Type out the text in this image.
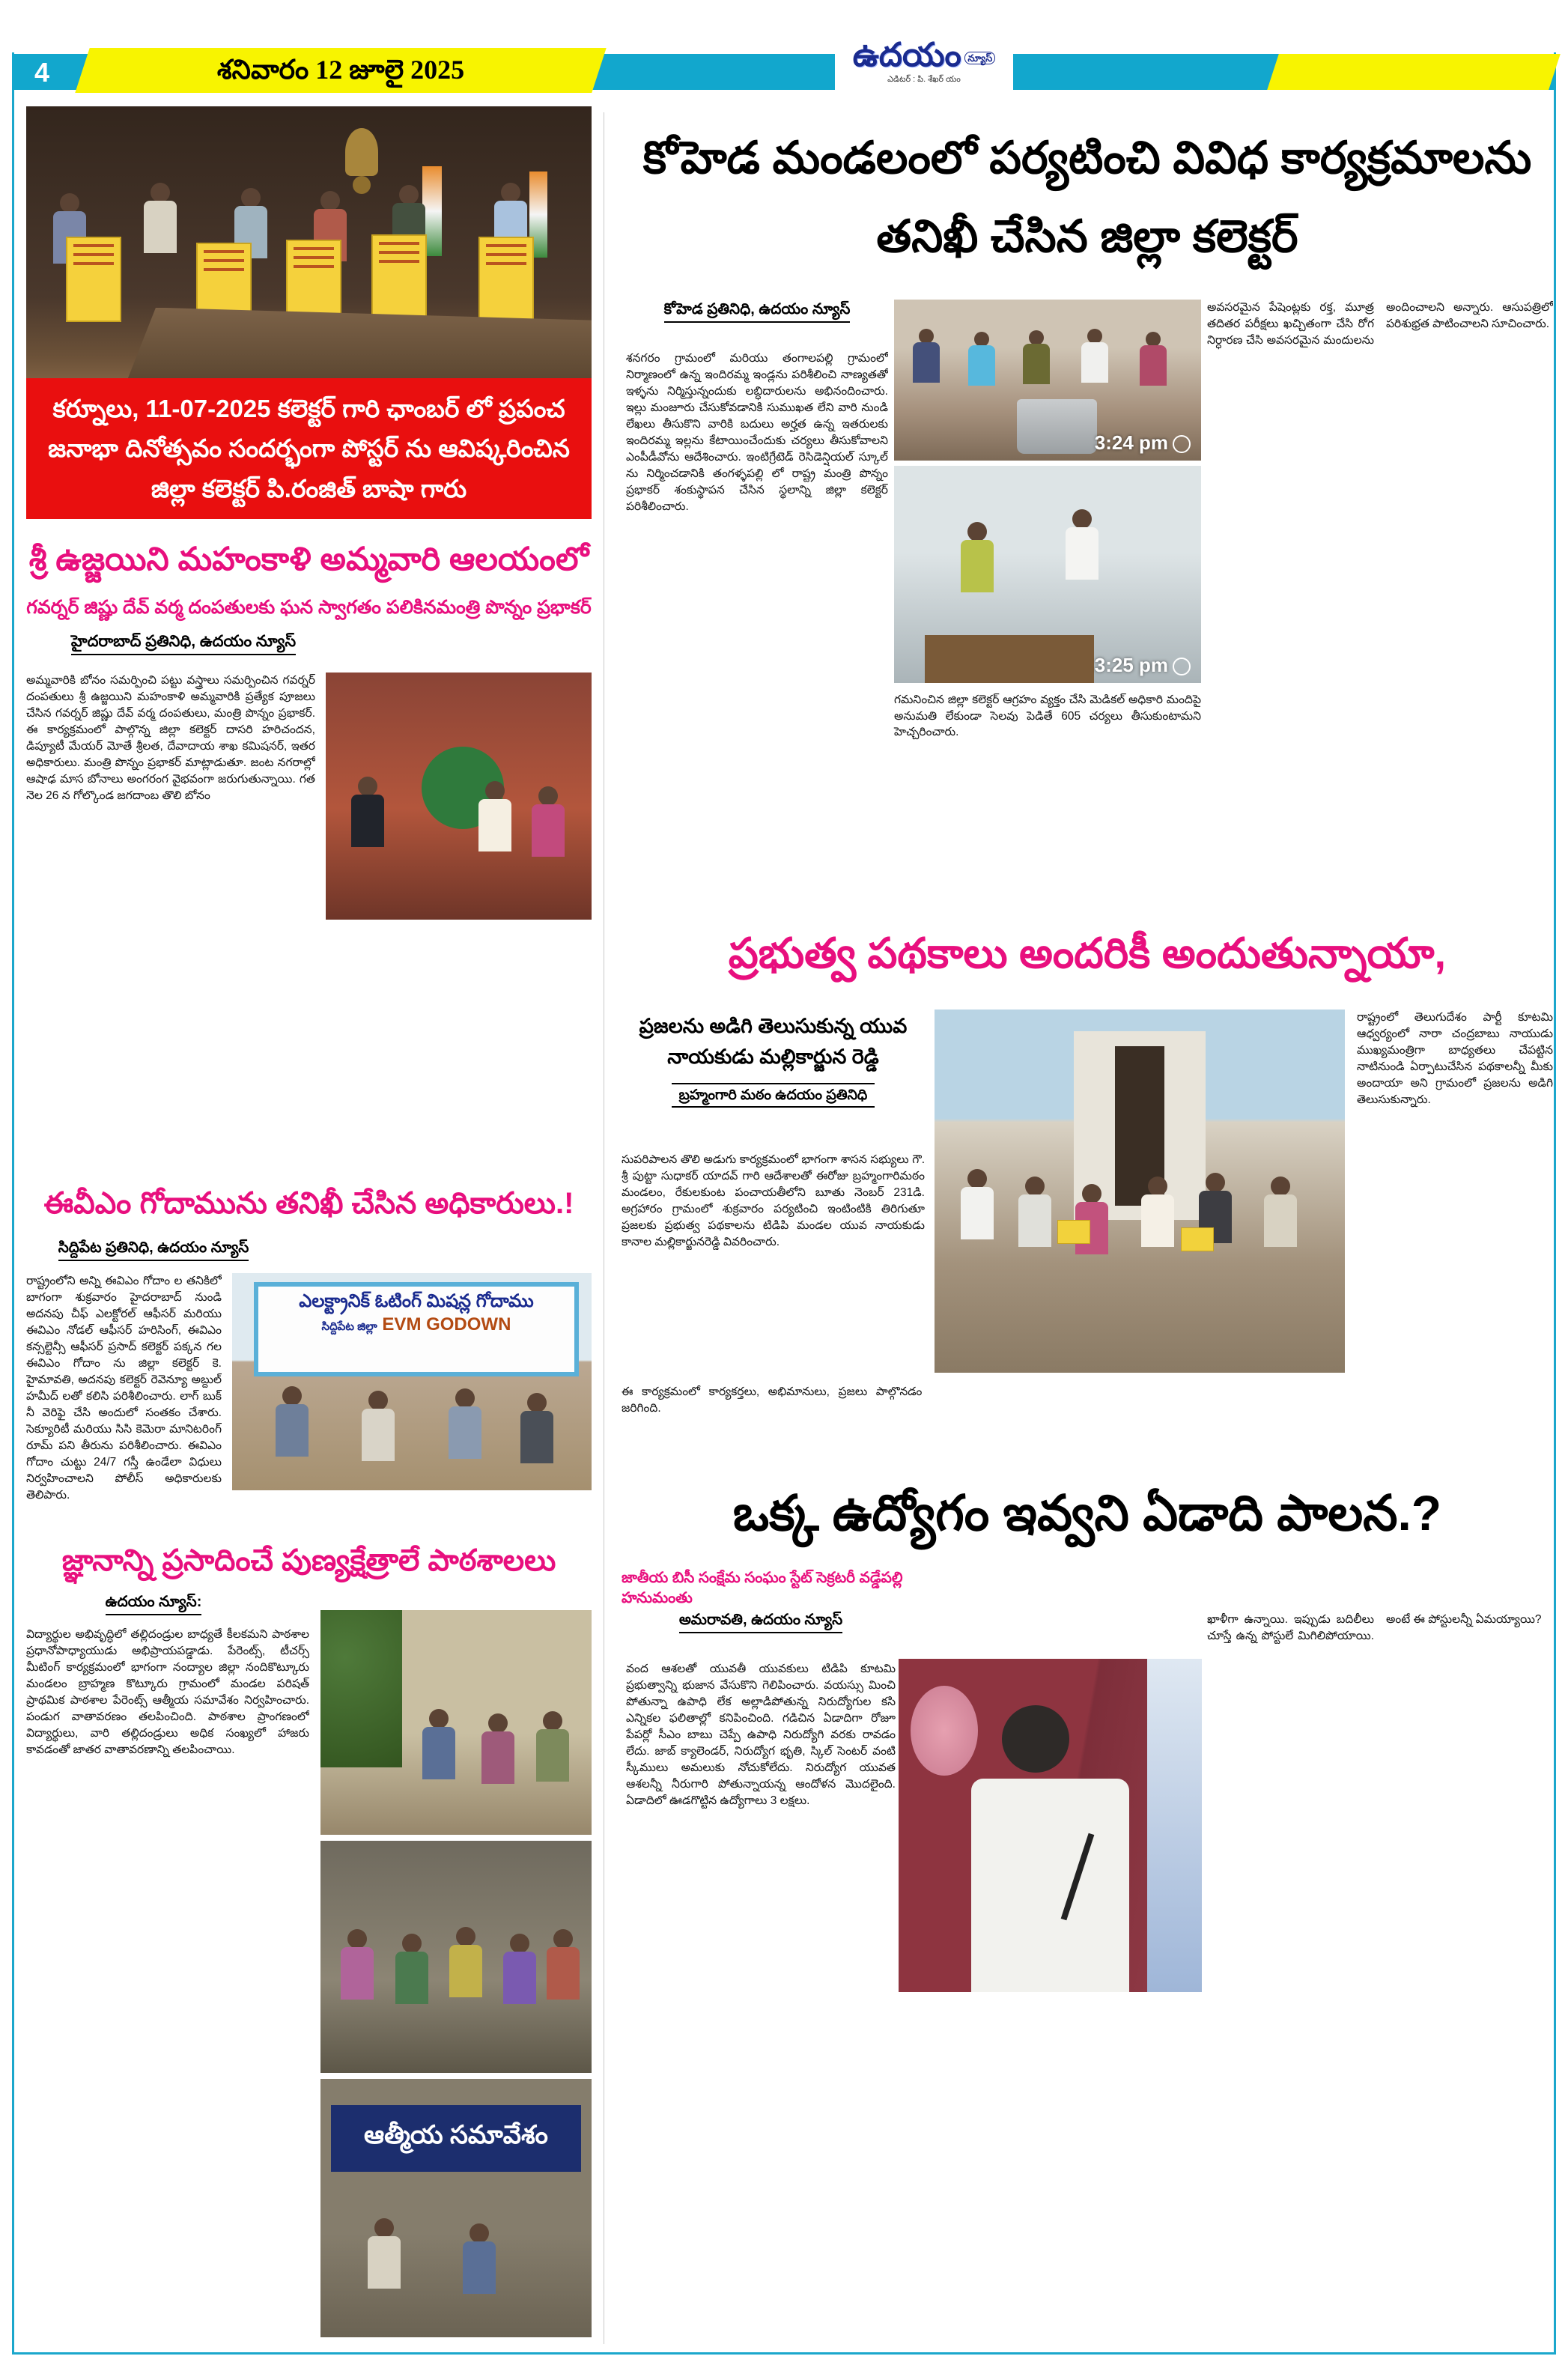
4	శనివారం 12 జూలై 2025	ఉదయం $^{న్యూస్}$
ఎడిటర్ : పి. శేఖర్ యం
కర్నూలు, 11-07-2025 కలెక్టర్ గారి ఛాంబర్ లో ప్రపంచ జనాభా దినోత్సవం సందర్భంగా పోస్టర్ ను ఆవిష్కరించిన జిల్లా కలెక్టర్ పి.రంజిత్ బాషా గారు
శ్రీ ఉజ్జయిని మహంకాళి అమ్మవారి ఆలయంలో
గవర్నర్ జిష్ణు దేవ్ వర్మ దంపతులకు ఘన స్వాగతం పలికినమంత్రి పొన్నం ప్రభాకర్
హైదరాబాద్ ప్రతినిధి, ఉదయం న్యూస్
అమ్మవారికి బోనం సమర్పించి పట్టు వస్త్రాలు సమర్పించిన గవర్నర్ దంపతులు శ్రీ ఉజ్జయిని మహంకాళి అమ్మవారికి ప్రత్యేక పూజలు చేసిన గవర్నర్ జిష్ణు దేవ్ వర్మ దంపతులు, మంత్రి పొన్నం ప్రభాకర్. ఈ కార్యక్రమంలో పాల్గొన్న జిల్లా కలెక్టర్ దాసరి హరిచందన, డిప్యూటీ మేయర్ మోతే శ్రీలత, దేవాదాయ శాఖ కమిషనర్, ఇతర అధికారులు. మంత్రి పొన్నం ప్రభాకర్ మాట్లాడుతూ. జంట నగరాల్లో ఆషాఢ మాస బోనాలు అంగరంగ వైభవంగా జరుగుతున్నాయి. గత నెల 26 న గోల్కొండ జగదాంబ తొలి బోనం
ఈవీఎం గోదామును తనిఖీ చేసిన అధికారులు.!
సిద్దిపేట ప్రతినిధి, ఉదయం న్యూస్
ఎలక్ట్రానిక్ ఓటింగ్ మిషన్ల గోదాము
సిద్దిపేట జిల్లా EVM GODOWN
రాష్ట్రంలోని అన్ని ఈవిఎం గోదాం ల తనికిలో బాగంగా శుక్రవారం హైదరాబాద్ నుండి అదనపు చీఫ్ ఎలక్టోరల్ ఆఫీసర్ మరియు ఈవిఎం నోడల్ ఆఫీసర్ హరిసింగ్, ఈవిఎం కన్సల్టెన్సీ ఆఫీసర్ ప్రసాద్ కలెక్టర్ పక్కన గల ఈవిఎం గోదాం ను జిల్లా కలెక్టర్ కె. హైమావతి, అదనపు కలెక్టర్ రెవెన్యూ అబ్దుల్ హమీద్ లతో కలిసి పరిశీలించారు. లాగ్ బుక్ నీ వెరిఫై చేసి అందులో సంతకం చేశారు. సెక్యూరిటీ మరియు సిసి కెమెరా మానిటరింగ్ రూమ్ పని తీరును పరిశీలించారు. ఈవిఎం గోదాం చుట్టు 24/7 గస్తీ ఉండేలా విధులు నిర్వహించాలని పోలీస్ అధికారులకు తెలిపారు.
జ్ఞానాన్ని ప్రసాదించే పుణ్యక్షేత్రాలే పాఠశాలలు
ఉదయం న్యూస్:
విద్యార్థుల అభివృద్ధిలో తల్లిదండ్రుల బాధ్యతే కీలకమని పాఠశాల ప్రధానోపాధ్యాయుడు అభిప్రాయపడ్డాడు. పేరెంట్స్, టీచర్స్ మీటింగ్ కార్యక్రమంలో భాగంగా నంద్యాల జిల్లా నందికొట్కూరు మండలం బ్రాహ్మణ కొట్కూరు గ్రామంలో మండల పరిషత్ ప్రాథమిక పాఠశాల పేరెంట్స్ ఆత్మీయ సమావేశం నిర్వహించారు. పండుగ వాతావరణం తలపించింది. పాఠశాల ప్రాంగణంలో విద్యార్థులు, వారి తల్లిదండ్రులు అధిక సంఖ్యలో హాజరు కావడంతో జాతర వాతావరణాన్ని తలపించాయి.
ఆత్మీయ సమావేశం
కోహెడ మండలంలో పర్యటించి వివిధ కార్యక్రమాలను తనిఖీ చేసిన జిల్లా కలెక్టర్
కోహెడ ప్రతినిధి, ఉదయం న్యూస్
శనగరం గ్రామంలో మరియు తంగాలపల్లి గ్రామంలో నిర్మాణంలో ఉన్న ఇందిరమ్మ ఇండ్లను పరిశీలించి నాణ్యతతో ఇళ్ళను నిర్మిస్తున్నందుకు లబ్ధిదారులను అభినందించారు. ఇల్లు మంజూరు చేసుకోవడానికి సుముఖత లేని వారి నుండి లేఖలు తీసుకొని వారికి బదులు అర్హత ఉన్న ఇతరులకు ఇందిరమ్మ ఇల్లను కేటాయించేందుకు చర్యలు తీసుకోవాలని ఎంపీడీవోను ఆదేశించారు. ఇంటిగ్రేటెడ్ రెసిడెన్షియల్ స్కూల్ ను నిర్మించడానికి తంగళ్ళపల్లి లో రాష్ట్ర మంత్రి పొన్నం ప్రభాకర్ శంకుస్థాపన చేసిన స్థలాన్ని జిల్లా కలెక్టర్ పరిశీలించారు.
3:24 pm
3:25 pm
గమనించిన జిల్లా కలెక్టర్ ఆగ్రహం వ్యక్తం చేసి మెడికల్ అధికారి మందిపై అనుమతి లేకుండా సెలవు పెడితే 605 చర్యలు తీసుకుంటామని హెచ్చరించారు.
అవసరమైన పేషెంట్లకు రక్త, మూత్ర తదితర పరీక్షలు ఖచ్చితంగా చేసి రోగ నిర్ధారణ చేసి అవసరమైన మందులను అందించాలని అన్నారు. ఆసుపత్రిలో పరిశుభ్రత పాటించాలని సూచించారు.
ప్రభుత్వ పథకాలు అందరికీ అందుతున్నాయా,
ప్రజలను అడిగి తెలుసుకున్న యువ నాయకుడు మల్లికార్జున రెడ్డి
బ్రహ్మంగారి మఠం ఉదయం ప్రతినిధి
సుపరిపాలన తొలి అడుగు కార్యక్రమంలో భాగంగా శాసన సభ్యులు గౌ. శ్రీ పుట్టా సుధాకర్ యాదవ్ గారి ఆదేశాలతో ఈరోజు బ్రహ్మంగారిమఠం మండలం, రేకులకుంట పంచాయతీలోని బూతు నెంబర్ 231డి. అగ్రహారం గ్రామంలో శుక్రవారం పర్యటించి ఇంటింటికి తిరిగుతూ ప్రజలకు ప్రభుత్వ పథకాలను టిడిపి మండల యువ నాయకుడు కానాల మల్లికార్జునరెడ్డి వివరించారు.
రాష్ట్రంలో తెలుగుదేశం పార్టీ కూటమి ఆధ్వర్యంలో నారా చంద్రబాబు నాయుడు ముఖ్యమంత్రిగా బాధ్యతలు చేపట్టిన నాటినుండి ఏర్పాటుచేసిన పథకాలన్నీ మీకు అందాయా అని గ్రామంలో ప్రజలను అడిగి తెలుసుకున్నారు.
ఈ కార్యక్రమంలో కార్యకర్తలు, అభిమానులు, ప్రజలు పాల్గొనడం జరిగింది.
ఒక్క ఉద్యోగం ఇవ్వని ఏడాది పాలన.?
జాతీయ బిసీ సంక్షేమ సంఘం స్టేట్ సెక్రటరీ వడ్డేపల్లి హనుమంతు
అమరావతి, ఉదయం న్యూస్
వంద ఆశలతో యువతీ యువకులు టిడిపి కూటమి ప్రభుత్వాన్ని భుజాన వేసుకొని గెలిపించారు. వయస్సు మించి పోతున్నా ఉపాధి లేక అల్లాడిపోతున్న నిరుద్యోగుల కసి ఎన్నికల ఫలితాల్లో కనిపించింది. గడిచిన ఏడాదిగా రోజూ పేపర్లో సీఎం బాబు చెప్పే ఉపాధి నిరుద్యోగి వరకు రావడం లేదు. జాబ్ క్యాలెండర్, నిరుద్యోగ భృతి, స్కిల్ సెంటర్ వంటి స్కీములు అమలుకు నోచుకోలేదు. నిరుద్యోగ యువత ఆశలన్నీ నీరుగారి పోతున్నాయన్న ఆందోళన మొదలైంది. ఏడాదిలో ఊడగొట్టిన ఉద్యోగాలు 3 లక్షలు.
ఖాళీగా ఉన్నాయి. ఇప్పుడు బదిలీలు చూస్తే ఉన్న పోస్టులే మిగిలిపోయాయి. అంటే ఈ పోస్టులన్నీ ఏమయ్యాయి?
